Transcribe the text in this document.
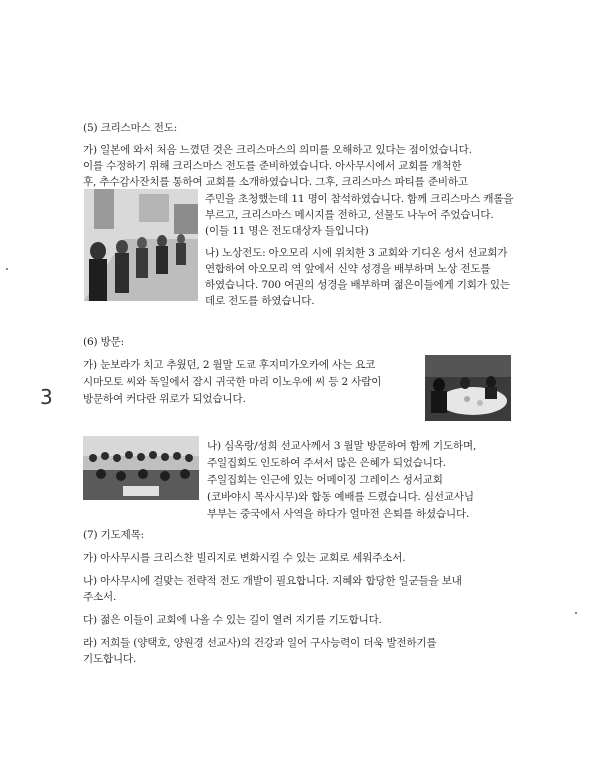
(5) 크리스마스 전도:
가) 일본에 와서 처음 느꼈던 것은 크리스마스의 의미를 오해하고 있다는 점이었습니다.
이를 수정하기 위해 크리스마스 전도를 준비하였습니다. 아사무시에서 교회를 개척한
후, 추수감사잔치를 통하여 교회를 소개하였습니다. 그후, 크리스마스 파티를 준비하고
주민을 초청했는데 11 명이 참석하였습니다. 함께 크리스마스 캐롤을
부르고, 크리스마스 메시지를 전하고, 선물도 나누어 주었습니다.
(이들 11 명은 전도대상자 들입니다)
나) 노상전도: 아오모리 시에 위치한 3 교회와 기디온 성서 선교회가
연합하여 아오모리 역 앞에서 신약 성경을 배부하며 노상 전도를
하였습니다. 700 여권의 성경을 배부하며 젊은이들에게 기회가 있는
데로 전도를 하였습니다.
(6) 방문:
가) 눈보라가 치고 추웠던, 2 월말 도쿄 후지미가오카에 사는 요코
시마모토 씨와 독일에서 잠시 귀국한 마리 이노우에 씨 등 2 사람이
방문하여 커다란 위로가 되었습니다.
3
나) 심옥랑/성희 선교사께서 3 월말 방문하여 함께 기도하며,
주일집회도 인도하여 주셔서 많은 은혜가 되었습니다.
주일집회는 인근에 있는 어메이징 그레이스 성서교회
(코바야시 목사시무)와 합동 예배를 드렸습니다. 심선교사님
부부는 중국에서 사역을 하다가 얼마전 은퇴를 하셨습니다.
(7) 기도제목:
가) 아사무시를 크리스찬 빌리지로 변화시킬 수 있는 교회로 세워주소서.
나) 아사무시에 걸맞는 전략적 전도 개발이 필요합니다. 지혜와 합당한 일군들을 보내
주소서.
다) 젊은 이들이 교회에 나올 수 있는 길이 열려 지기를 기도합니다.
라) 저희들 (양택호, 양원경 선교사)의 건강과 일어 구사능력이 더욱 발전하기를
기도합니다.
